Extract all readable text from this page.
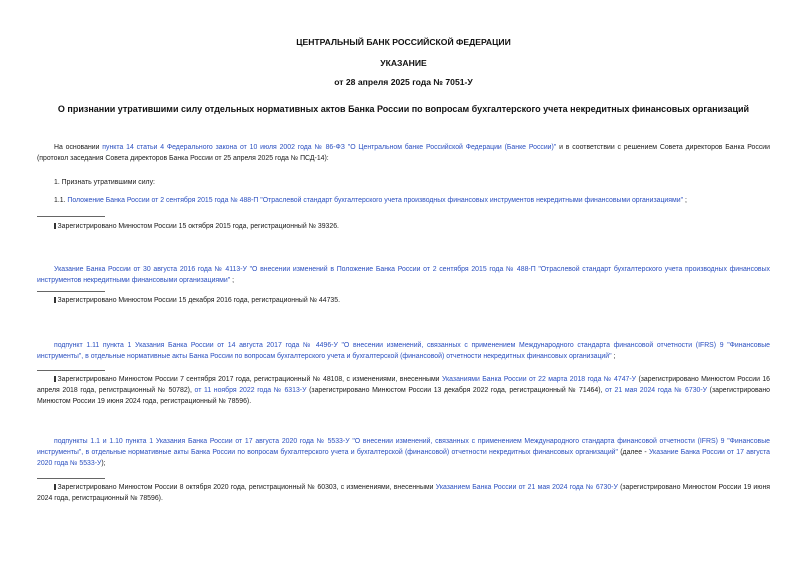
ЦЕНТРАЛЬНЫЙ БАНК РОССИЙСКОЙ ФЕДЕРАЦИИ
УКАЗАНИЕ
от 28 апреля 2025 года № 7051-У
О признании утратившими силу отдельных нормативных актов Банка России по вопросам бухгалтерского учета некредитных финансовых организаций
На основании пункта 14 статьи 4 Федерального закона от 10 июля 2002 года № 86-ФЗ "О Центральном банке Российской Федерации (Банке России)" и в соответствии с решением Совета директоров Банка России (протокол заседания Совета директоров Банка России от 25 апреля 2025 года № ПСД-14):
1. Признать утратившими силу:
1.1. Положение Банка России от 2 сентября 2015 года № 488-П "Отраслевой стандарт бухгалтерского учета производных финансовых инструментов некредитными финансовыми организациями" ;
Зарегистрировано Минюстом России 15 октября 2015 года, регистрационный № 39326.
Указание Банка России от 30 августа 2016 года № 4113-У "О внесении изменений в Положение Банка России от 2 сентября 2015 года № 488-П "Отраслевой стандарт бухгалтерского учета производных финансовых инструментов некредитными финансовыми организациями" ;
Зарегистрировано Минюстом России 15 декабря 2016 года, регистрационный № 44735.
подпункт 1.11 пункта 1 Указания Банка России от 14 августа 2017 года № 4496-У "О внесении изменений, связанных с применением Международного стандарта финансовой отчетности (IFRS) 9 "Финансовые инструменты", в отдельные нормативные акты Банка России по вопросам бухгалтерского учета и бухгалтерской (финансовой) отчетности некредитных финансовых организаций" ;
Зарегистрировано Минюстом России 7 сентября 2017 года, регистрационный № 48108, с изменениями, внесенными Указаниями Банка России от 22 марта 2018 года № 4747-У (зарегистрировано Минюстом России 16 апреля 2018 года, регистрационный № 50782), от 11 ноября 2022 года № 6313-У (зарегистрировано Минюстом России 13 декабря 2022 года, регистрационный № 71464), от 21 мая 2024 года № 6730-У (зарегистрировано Минюстом России 19 июня 2024 года, регистрационный № 78596).
подпункты 1.1 и 1.10 пункта 1 Указания Банка России от 17 августа 2020 года № 5533-У "О внесении изменений, связанных с применением Международного стандарта финансовой отчетности (IFRS) 9 "Финансовые инструменты", в отдельные нормативные акты Банка России по вопросам бухгалтерского учета и бухгалтерской (финансовой) отчетности некредитных финансовых организаций" (далее - Указание Банка России от 17 августа 2020 года № 5533-У);
Зарегистрировано Минюстом России 8 октября 2020 года, регистрационный № 60303, с изменениями, внесенными Указанием Банка России от 21 мая 2024 года № 6730-У (зарегистрировано Минюстом России 19 июня 2024 года, регистрационный № 78596).
